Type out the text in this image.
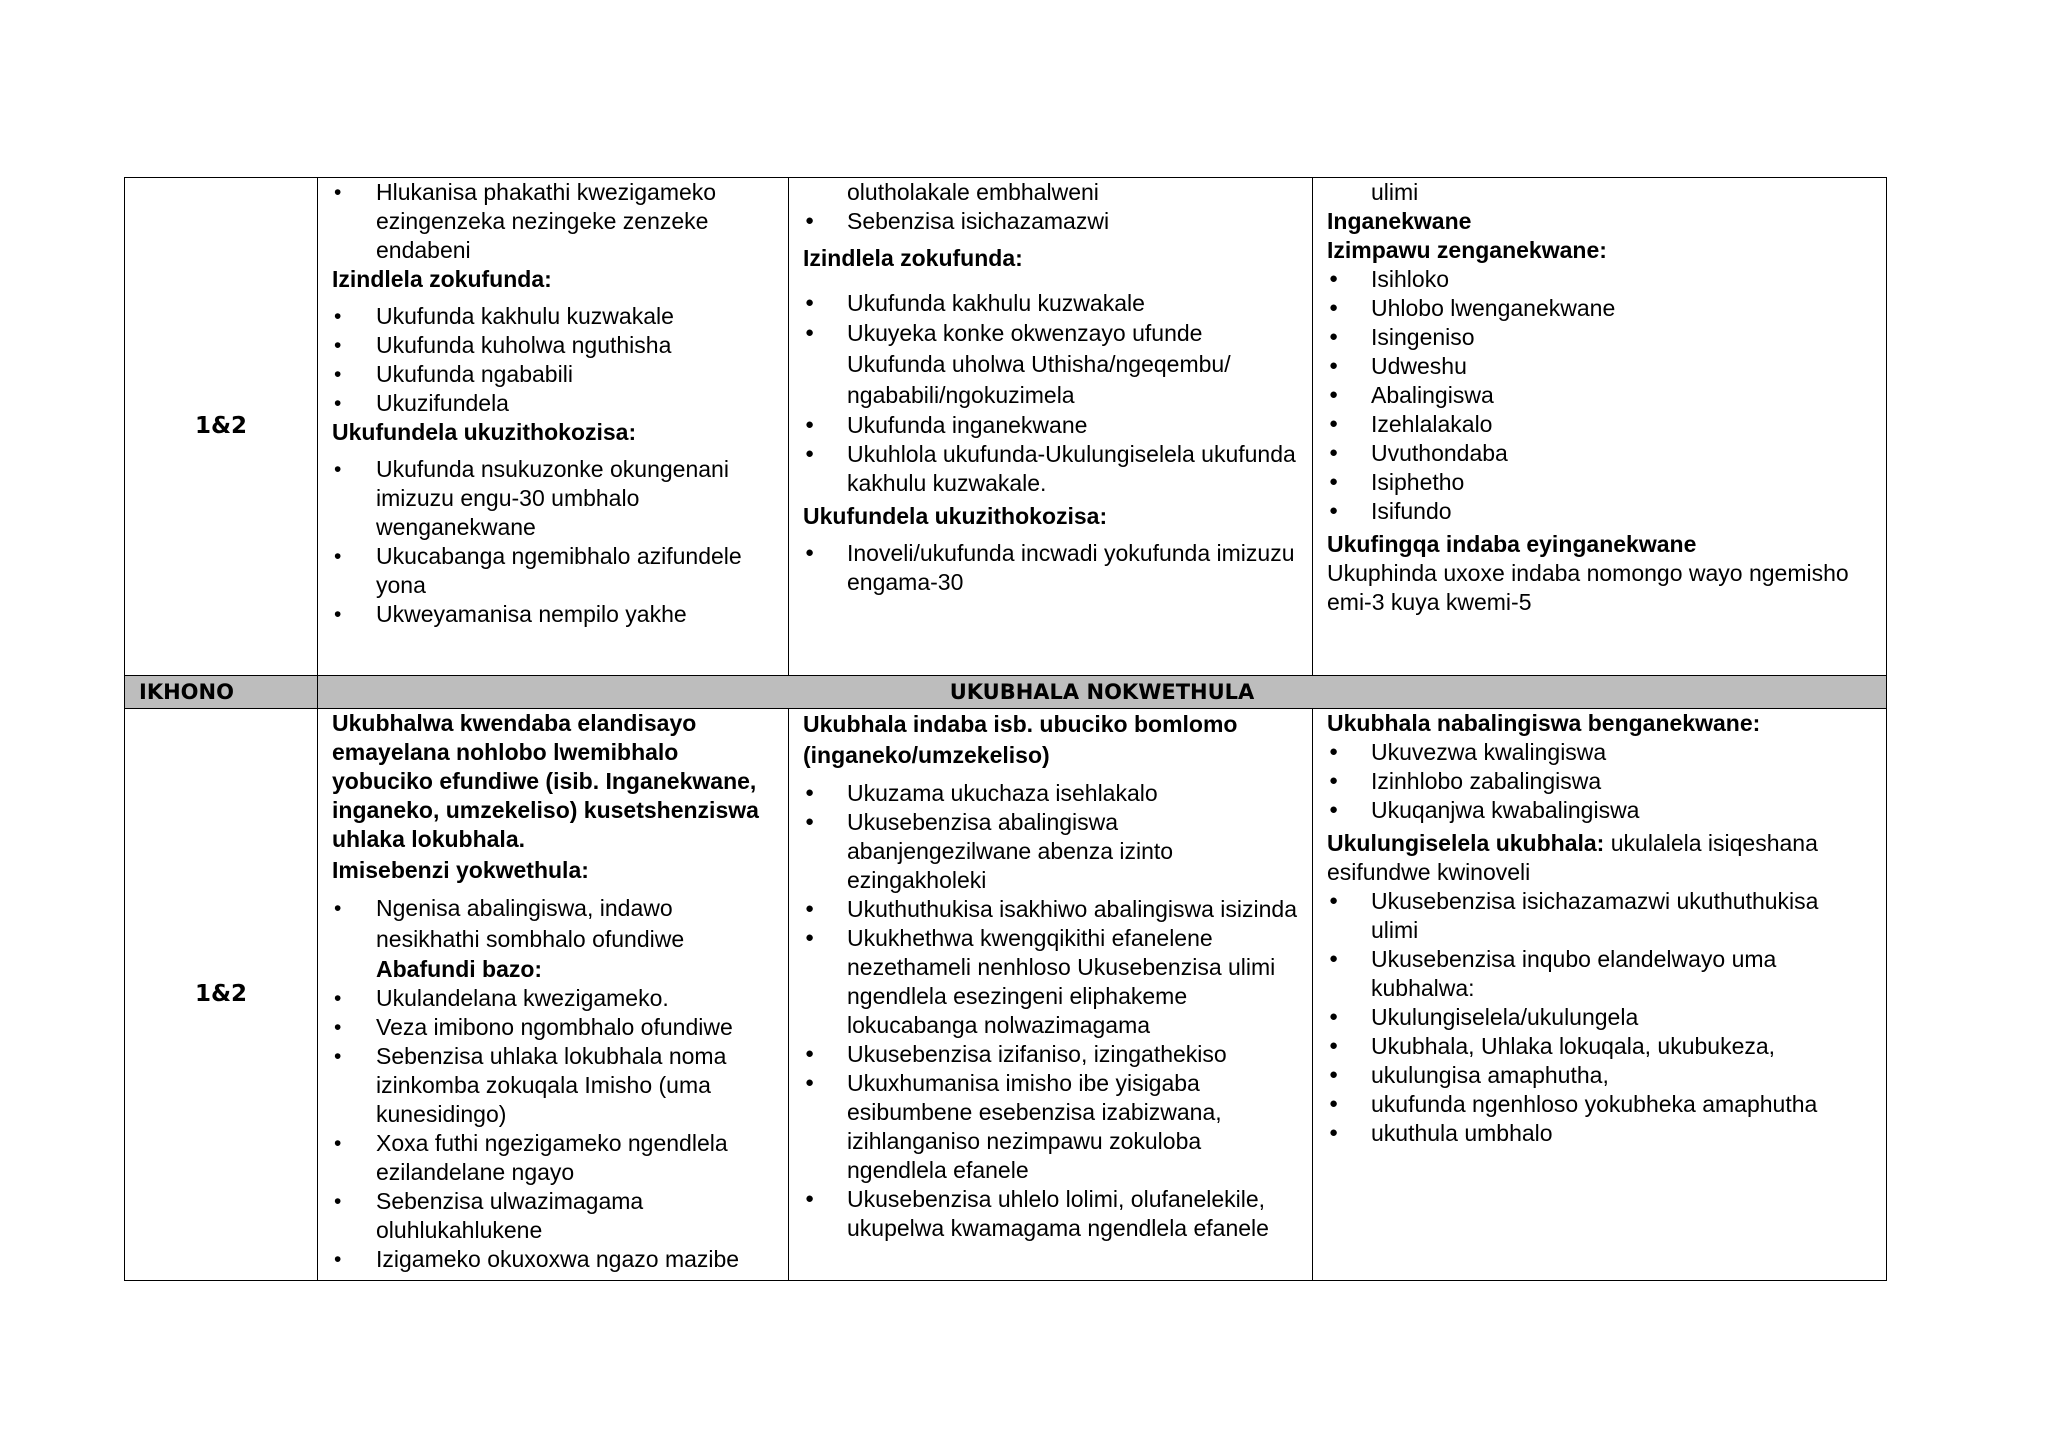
1&2
• Hlukanisa phakathi kwezigameko ezingenzeka nezingeke zenzeke endabeni

Izindlela zokufunda:

• Ukufunda kakhulu kuzwakale
• Ukufunda kuholwa nguthisha
• Ukufunda ngababili
• Ukuzifundela

Ukufundela ukuzithokozisa:

• Ukufunda nsukuzonke okungenani imizuzu engu-30 umbhalo wenganekwane
• Ukucabanga ngemibhalo azifundele yona
• Ukweyamanisa nempilo yakhe

olutholakale embhalweni

● Sebenzisa isichazamazwi

Izindlela zokufunda:

● Ukufunda kakhulu kuzwakale
● Ukuyeka konke okwenzayo ufunde Ukufunda uholwa Uthisha/ngeqembu/ ngababili/ngokuzimela
● Ukufunda inganekwane
● Ukuhlola ukufunda-Ukulungiselela ukufunda kakhulu kuzwakale.

Ukufundela ukuzithokozisa:

● Inoveli/ukufunda incwadi yokufunda imizuzu engama-30

ulimi

Inganekwane

Izimpawu zenganekwane:

● Isihloko
● Uhlobo lwenganekwane
● Isingeniso
● Udweshu
● Abalingiswa
● Izehlalakalo
● Uvuthondaba
● Isiphetho
● Isifundo

Ukufingqa indaba eyinganekwane

Ukuphinda uxoxe indaba nomongo wayo ngemisho emi-3 kuya kwemi-5

IKHONO	UKUBHALA NOKWETHULA
1&2

Ukubhalwa kwendaba elandisayo emayelana nohlobo lwemibhalo yobuciko efundiwe (isib. Inganekwane, inganeko, umzekeliso) kusetshenziswa uhlaka lokubhala.

Imisebenzi yokwethula:

• Ngenisa abalingiswa, indawo nesikhathi sombhalo ofundiwe

Abafundi bazo:

• Ukulandelana kwezigameko.
• Veza imibono ngombhalo ofundiwe
• Sebenzisa uhlaka lokubhala noma izinkomba zokuqala Imisho (uma kunesidingo)
• Xoxa futhi ngezigameko ngendlela ezilandelane ngayo
• Sebenzisa ulwazimagama oluhlukahlukene
• Izigameko okuxoxwa ngazo mazibe

Ukubhala indaba isb. ubuciko bomlomo (inganeko/umzekeliso)

● Ukuzama ukuchaza isehlakalo
● Ukusebenzisa abalingiswa abanjengezilwane abenza izinto ezingakholeki
● Ukuthuthukisa isakhiwo abalingiswa isizinda
● Ukukhethwa kwengqikithi efanelene nezethameli nenhloso Ukusebenzisa ulimi ngendlela esezingeni eliphakeme lokucabanga nolwazimagama
● Ukusebenzisa izifaniso, izingathekiso
● Ukuxhumanisa imisho ibe yisigaba esibumbene esebenzisa izabizwana, izihlanganiso nezimpawu zokuloba ngendlela efanele
● Ukusebenzisa uhlelo lolimi, olufanelekile, ukupelwa kwamagama ngendlela efanele

Ukubhala nabalingiswa benganekwane:

● Ukuvezwa kwalingiswa
● Izinhlobo zabalingiswa
● Ukuqanjwa kwabalingiswa

Ukulungiselela ukubhala: ukulalela isiqeshana esifundwe kwinoveli

● Ukusebenzisa isichazamazwi ukuthuthukisa ulimi
● Ukusebenzisa inqubo elandelwayo uma kubhalwa:
● Ukulungiselela/ukulungela
● Ukubhala, Uhlaka lokuqala, ukubukeza,
● ukulungisa amaphutha,
● ukufunda ngenhloso yokubheka amaphutha
● ukuthula umbhalo
